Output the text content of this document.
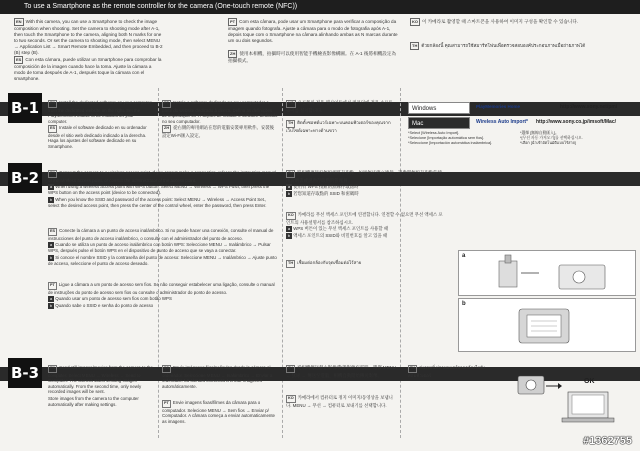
To use a Smartphone as the remote controller for the camera (One-touch remote (NFC))
EN With this camera, you can use a Smartphone to check the image composition when shooting. Set the camera to shooting mode after A-1, then touch the Smartphone to the camera, aligning both N marks for one to two seconds. Or set the camera to shooting mode, then select MENU → Application List → Smart Remote Embedded, and then proceed to B-2 (B) step (B).
ES Con esta cámara, puede utilizar un Smartphone para comprobar la composición de la imagen cuando hace la toma. Ajuste la cámara a modo de toma después de A-1, después toque la cámara con el smartphone.
PT Com esta câmara, pode usar um Smartphone para verificar a composição da imagem quando fotografa. Ajuste a câmara para o modo de fotografia após A-1, depois toque com o Smartphone na câmara alinhando ambas as N marcas durante um ou dois segundos.
ZH 使用本相機，拍攝時可以使用智能手機檢查影像構圖。在 A-1 後將相機設定為拍攝模式。
KO 이 카메라로 촬영할 때 스마트폰을 사용하여 이미지 구성을 확인할 수 있습니다.
TH ด้วยกล้องนี้ คุณสามารถใช้สมาร์ทโฟนเพื่อตรวจสอบองค์ประกอบภาพเมื่อถ่ายภาพได้
B-1	EN Install the dedicated software on your computer from the dedicated website on the right. Set the PlayMemories Mobile to be enabled on your computer.
ES Instale el software dedicado en su ordenador desde el sitio web dedicado indicado a la derecha. Haga los ajustes del software dedicado en su Smartphone.
PT Instale o software dedicado no seu computador a partir do website dedicado à direita. Defina as definições de importação Wi-Fi depois de instalar o software dedicado no seu computador.
ZH 從右側的專用網站在您的電腦安裝專用軟件。安裝後設定Wi-Fi匯入設定。
KO 오른쪽의 전용 웹사이트에서 컴퓨터에 전용 소프트웨어를 설치합니다.
TH ติดตั้งซอฟต์แวร์เฉพาะบนคอมพิวเตอร์ของคุณจากเว็บไซต์เฉพาะทางด้านขวา
Windows	PlayMemories Home	http://www.sony.net/pm/
Mac	Wireless Auto Import* http://www.sony.co.jp/imsoft/Mac/
*Select [Wireless Auto Import].
*Selecione [Importação automática sem fios].
*Seleccione [Importación automática inalámbrica].
*選擇 [無線自動匯入]。
*[무선 자동 가져오기]를 선택하십시오.
*เลือก [นำเข้าอัตโนมัติแบบไร้สาย]
B-2	EN Connect the camera to a wireless access point. If you cannot make a connection, refer to the instruction manual of the wireless access point, or consult the administrator of the access point.
a When using a wireless access point with WPS button: Select MENU → Wireless → WPS Push, then press the WPS button on the access point (device to be connected).
b When you know the SSID and password of the access point: Select MENU → Wireless → Access Point Set., select the desired access point, then press the center of the control wheel, enter the password, then press Enter.
ES Conecte la cámara a un punto de acceso inalámbrico. Si no puede hacer una conexión, consulte el manual de instrucciones del punto de acceso inalámbrico, o consulte con el administrador del punto de acceso.
a Cuando se utiliza un punto de acceso inalámbrico con botón WPS: Seleccione MENU → Inalámbrico → Pulsar WPS, después pulse el botón WPS en el dispositivo de punto de acceso que se vaya a conectar.
b Si conoce el nombre SSID y la contraseña del punto de acceso: Seleccione MENU → Inalámbrico → Ajuste punto de acceso, seleccione el punto de acceso deseado.
PT Ligue a câmara a um ponto de acesso sem fios. Se não conseguir estabelecer uma ligação, consulte o manual de instruções do ponto de acesso sem fios ou consulte o administrador do ponto de acesso.
a Quando usar um ponto de acesso sem fios com botão WPS
b Quando sabe o SSID e senha do ponto de acesso
ZH 將相機連接至無線網路存取點。如果無法建立連接，請參閱無線存取點的使用說明書或諮詢存取點的管理員。
a 使用有 WPS 按鈕的無線存取點時
b 若您知道存取點的 SSID 和密碼時
KO 카메라를 무선 액세스 포인트에 연결합니다. 연결할 수 없으면 무선 액세스 포인트의 사용설명서를 참조하십시오.
a WPS 버튼이 있는 무선 액세스 포인트를 사용할 때
b 액세스 포인트의 SSID와 비밀번호를 알고 있을 때
TH เชื่อมต่อกล้องกับจุดเชื่อมต่อไร้สาย
a
b
B-3	EN Send still images/movies from the camera to the computer. Select MENU → Wireless → Send to Computer. The camera starts sending images automatically. From the second time, only newly recorded images will be sent.
Store images from the camera to the computer automatically after making settings.
ES Envíe imágenes fijas/películas desde la cámara al ordenador. Seleccione MENU → Inalámbrico → Enviar a ordenador. La cámara comienza a enviar imágenes automáticamente.
PT Envie imagens fixas/filmes da câmara para o computador. Selecione MENU → Sem fios → Enviar p/ Computador. A câmara começa a enviar automaticamente as imagens.
ZH 從相機傳送靜止影像/動態影像至電腦。選擇 MENU → 無線 → 傳送至電腦。相機自動開始傳送影像。
KO 카메라에서 컴퓨터로 정지 이미지/동영상을 보냅니다. MENU → 무선 → 컴퓨터로 보내기를 선택합니다.
TH ส่งภาพนิ่ง/ภาพยนตร์จากกล้องไปยังคอมพิวเตอร์
OK
#1362755
